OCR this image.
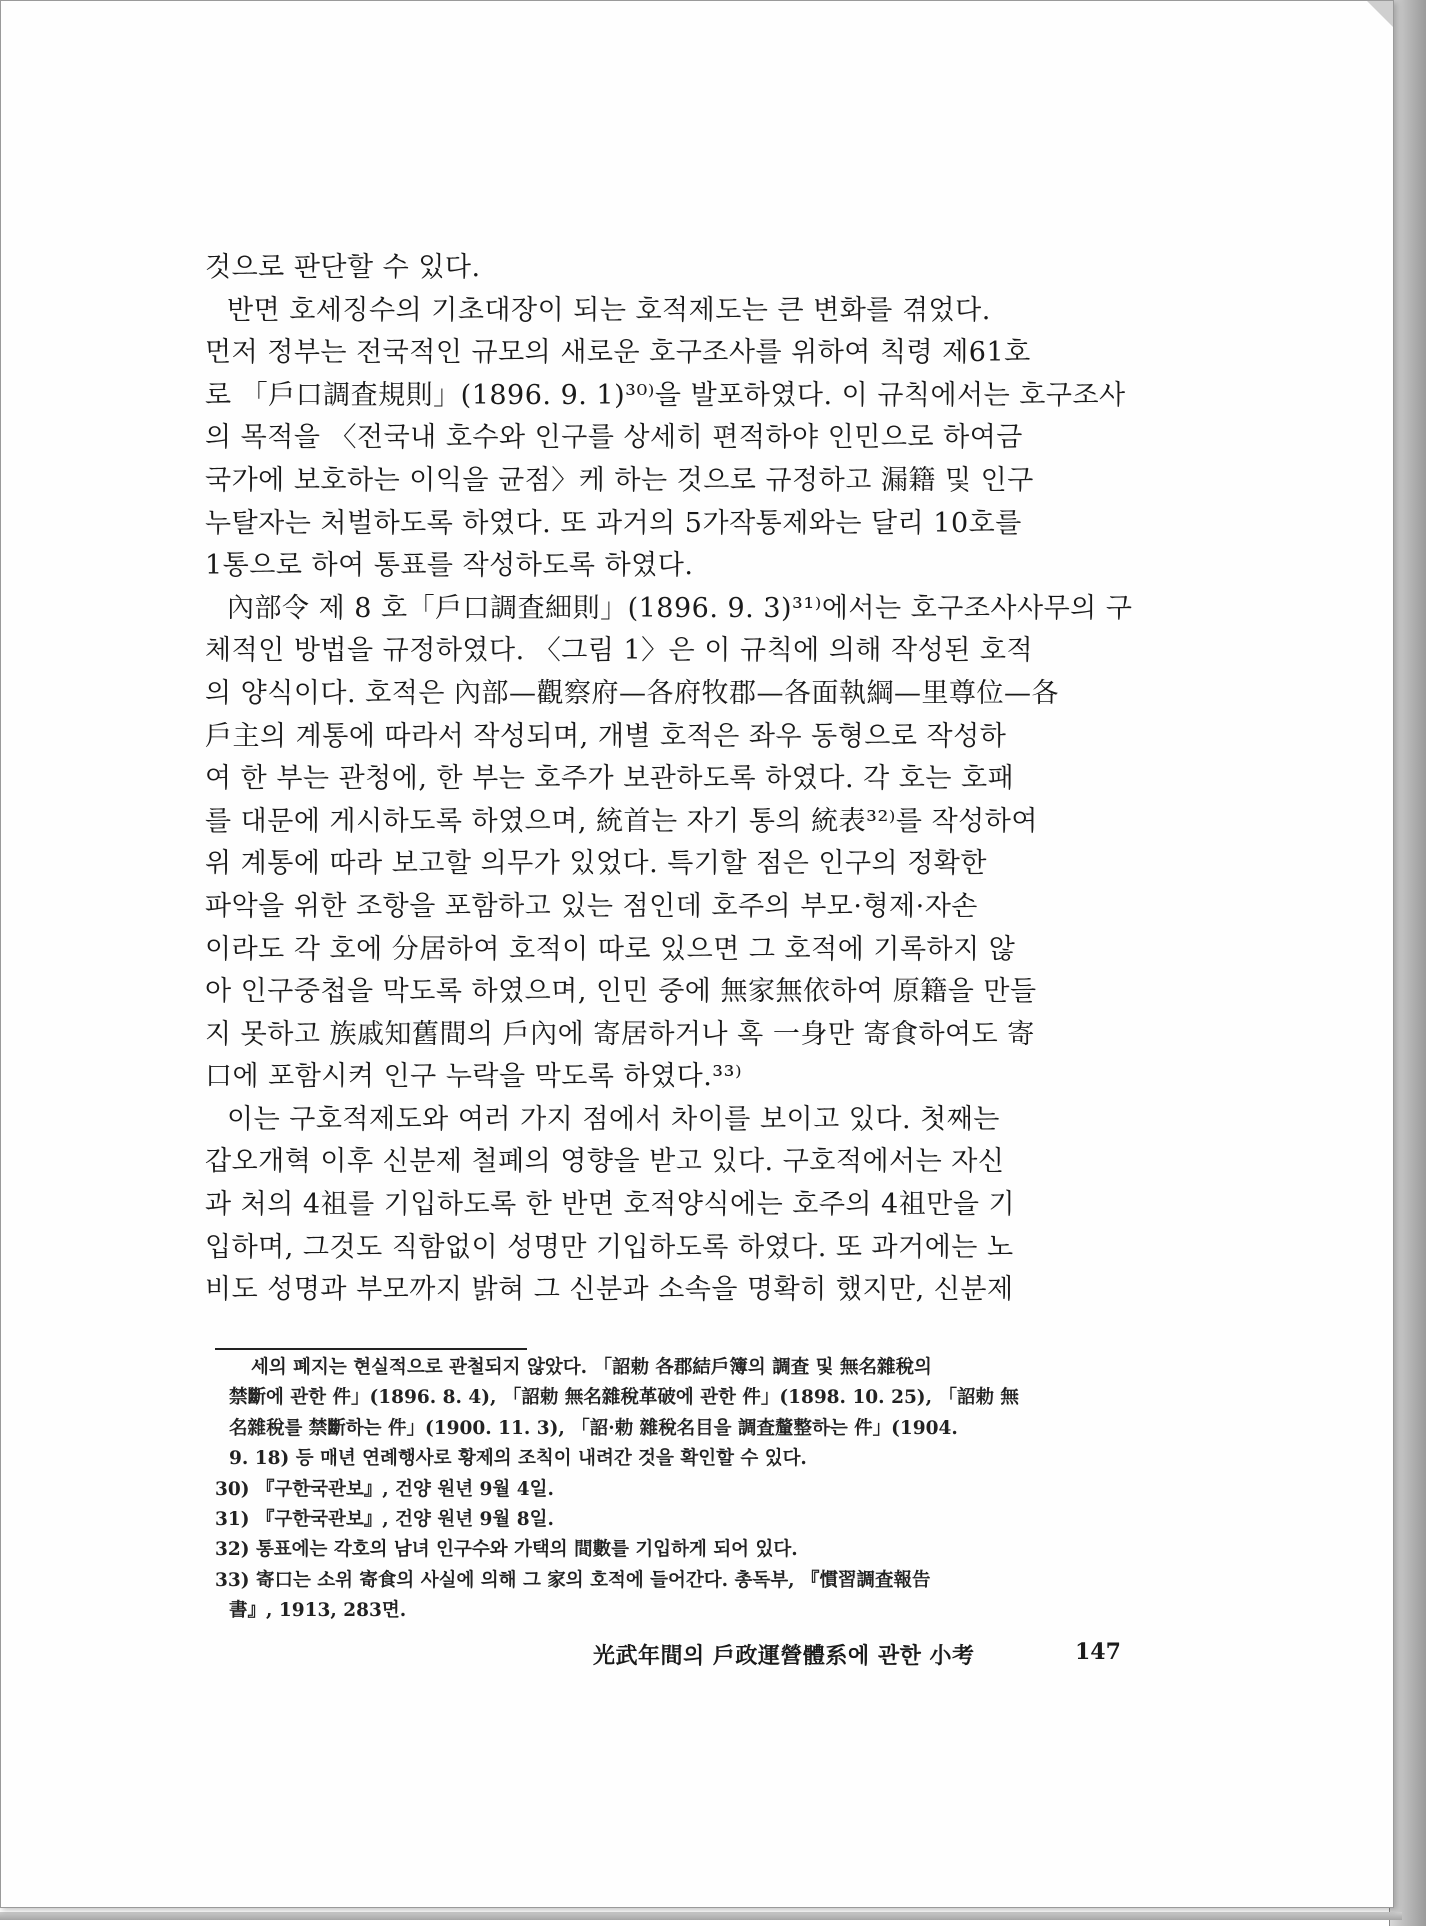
것으로 판단할 수 있다.
반면 호세징수의 기초대장이 되는 호적제도는 큰 변화를 겪었다.
먼저 정부는 전국적인 규모의 새로운 호구조사를 위하여 칙령 제61호
로 「戶口調査規則」(1896. 9. 1)³⁰⁾을 발포하였다. 이 규칙에서는 호구조사
의 목적을 〈전국내 호수와 인구를 상세히 편적하야 인민으로 하여금
국가에 보호하는 이익을 균점〉케 하는 것으로 규정하고 漏籍 및 인구
누탈자는 처벌하도록 하였다. 또 과거의 5가작통제와는 달리 10호를
1통으로 하여 통표를 작성하도록 하였다.
內部令 제 8 호「戶口調査細則」(1896. 9. 3)³¹⁾에서는 호구조사사무의 구
체적인 방법을 규정하였다. 〈그림 1〉은 이 규칙에 의해 작성된 호적
의 양식이다. 호적은 內部—觀察府—各府牧郡—各面執綱—里尊位—各
戶主의 계통에 따라서 작성되며, 개별 호적은 좌우 동형으로 작성하
여 한 부는 관청에, 한 부는 호주가 보관하도록 하였다. 각 호는 호패
를 대문에 게시하도록 하였으며, 統首는 자기 통의 統表³²⁾를 작성하여
위 계통에 따라 보고할 의무가 있었다. 특기할 점은 인구의 정확한
파악을 위한 조항을 포함하고 있는 점인데 호주의 부모·형제·자손
이라도 각 호에 分居하여 호적이 따로 있으면 그 호적에 기록하지 않
아 인구중첩을 막도록 하였으며, 인민 중에 無家無依하여 原籍을 만들
지 못하고 族戚知舊間의 戶內에 寄居하거나 혹 一身만 寄食하여도 寄
口에 포함시켜 인구 누락을 막도록 하였다.³³⁾
이는 구호적제도와 여러 가지 점에서 차이를 보이고 있다. 첫째는
갑오개혁 이후 신분제 철폐의 영향을 받고 있다. 구호적에서는 자신
과 처의 4祖를 기입하도록 한 반면 호적양식에는 호주의 4祖만을 기
입하며, 그것도 직함없이 성명만 기입하도록 하였다. 또 과거에는 노
비도 성명과 부모까지 밝혀 그 신분과 소속을 명확히 했지만, 신분제
세의 폐지는 현실적으로 관철되지 않았다. 「詔勅 各郡結戶簿의 調査 및 無名雜稅의
禁斷에 관한 件」(1896. 8. 4), 「詔勅 無名雜稅革破에 관한 件」(1898. 10. 25), 「詔勅 無
名雜稅를 禁斷하는 件」(1900. 11. 3), 「詔·勅 雜稅名目을 調査釐整하는 件」(1904.
9. 18) 등 매년 연례행사로 황제의 조칙이 내려간 것을 확인할 수 있다.
30) 『구한국관보』, 건양 원년 9월 4일.
31) 『구한국관보』, 건양 원년 9월 8일.
32) 통표에는 각호의 남녀 인구수와 가택의 間數를 기입하게 되어 있다.
33) 寄口는 소위 寄食의 사실에 의해 그 家의 호적에 들어간다. 총독부, 『慣習調査報告
書』, 1913, 283면.
光武年間의 戶政運營體系에 관한 小考	147
